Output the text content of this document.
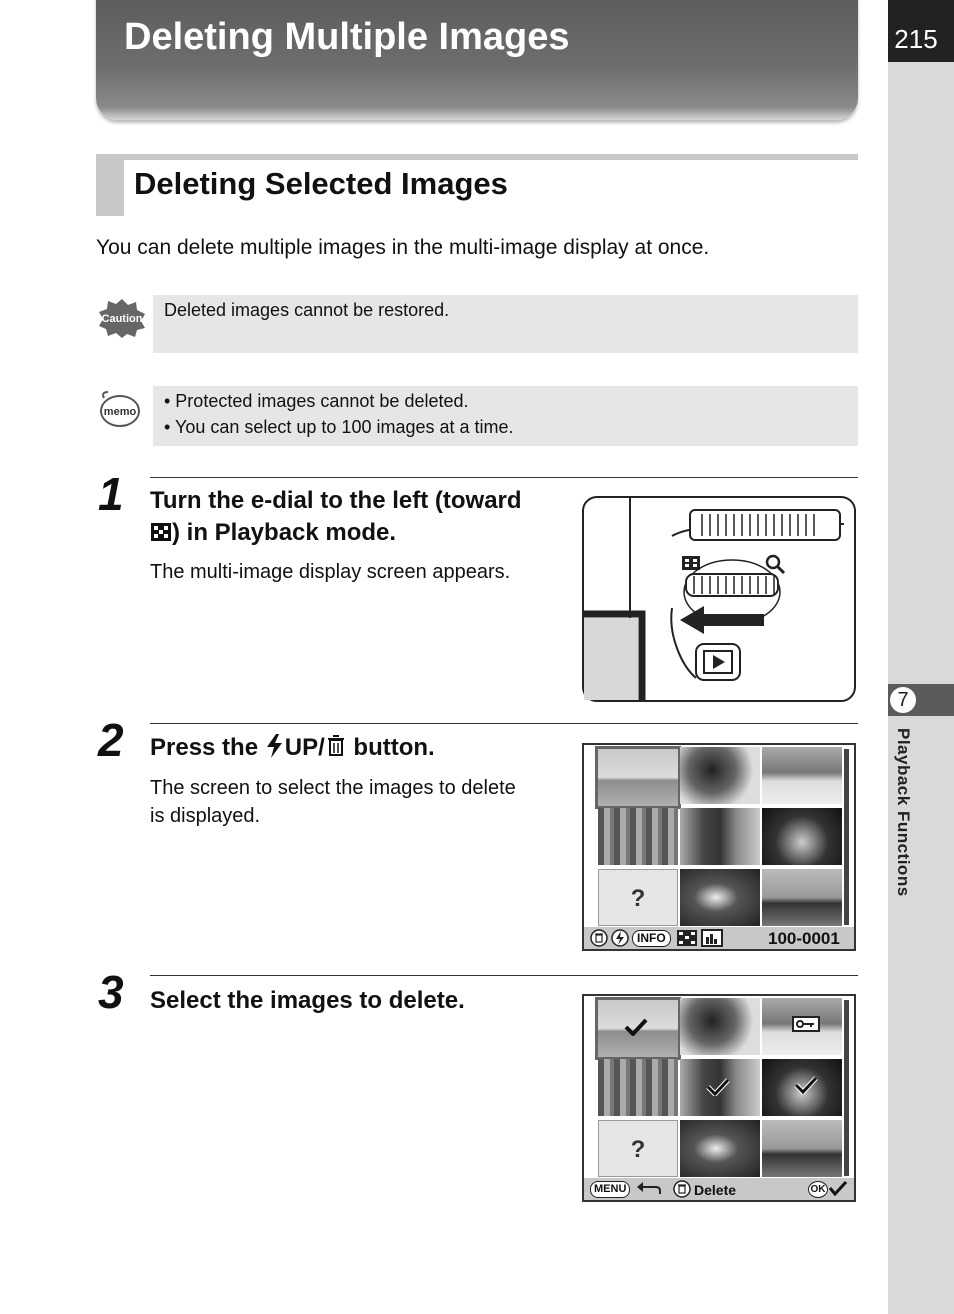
Deleting Multiple Images	215
7
Playback Functions
Deleting Selected Images
You can delete multiple images in the multi-image display at once.
Caution Deleted images cannot be restored.
memo
• Protected images cannot be deleted.
• You can select up to 100 images at a time.
1 Turn the e-dial to the left (toward
) in Playback mode.
The multi-image display screen appears.
2 Press the UP/ button.
The screen to select the images to delete
is displayed.
?
INFO	100-0001
3 Select the images to delete.
?
MENU	Delete	OK
